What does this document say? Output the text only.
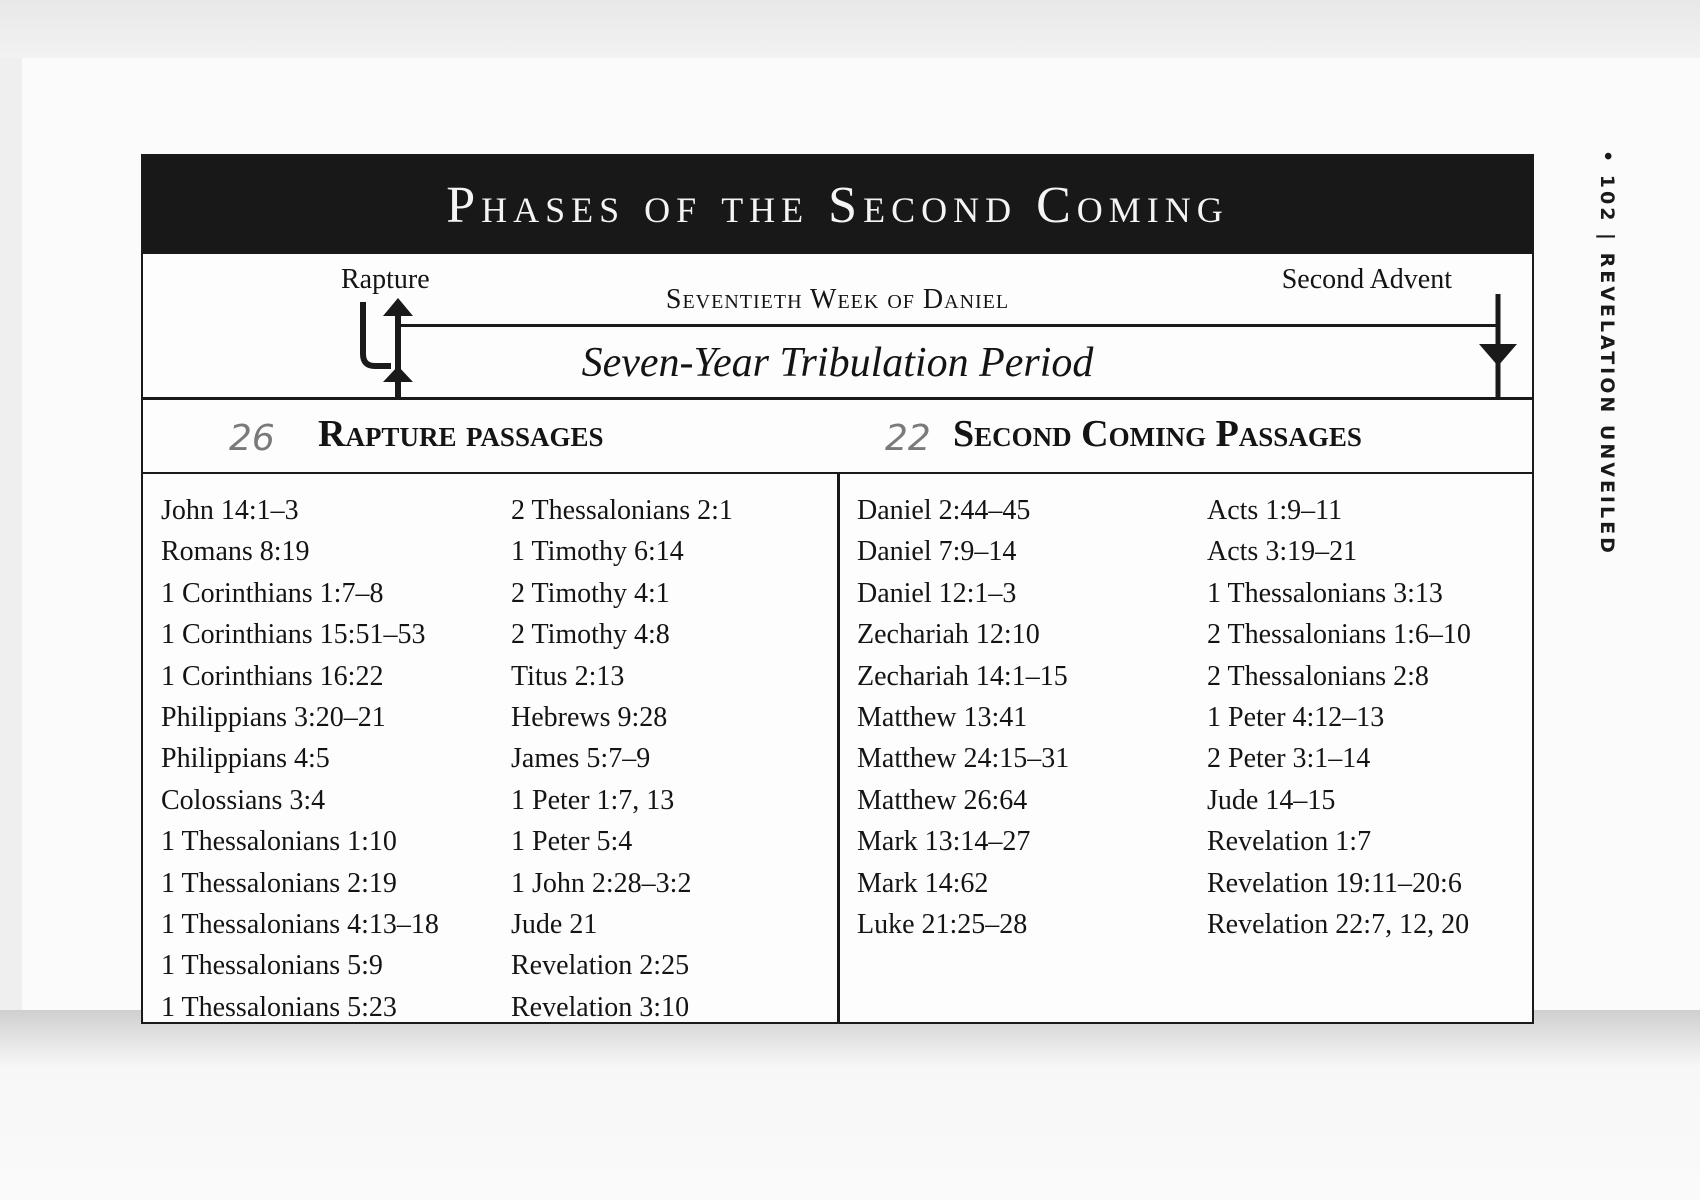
Phases of the Second Coming
Rapture	Second Advent
Seventieth Week of Daniel
Seven-Year Tribulation Period
26 Rapture passages	22 Second Coming Passages
John 14:1–3
Romans 8:19
1 Corinthians 1:7–8
1 Corinthians 15:51–53
1 Corinthians 16:22
Philippians 3:20–21
Philippians 4:5
Colossians 3:4
1 Thessalonians 1:10
1 Thessalonians 2:19
1 Thessalonians 4:13–18
1 Thessalonians 5:9
1 Thessalonians 5:23
2 Thessalonians 2:1
1 Timothy 6:14
2 Timothy 4:1
2 Timothy 4:8
Titus 2:13
Hebrews 9:28
James 5:7–9
1 Peter 1:7, 13
1 Peter 5:4
1 John 2:28–3:2
Jude 21
Revelation 2:25
Revelation 3:10
Daniel 2:44–45
Daniel 7:9–14
Daniel 12:1–3
Zechariah 12:10
Zechariah 14:1–15
Matthew 13:41
Matthew 24:15–31
Matthew 26:64
Mark 13:14–27
Mark 14:62
Luke 21:25–28
Acts 1:9–11
Acts 3:19–21
1 Thessalonians 3:13
2 Thessalonians 1:6–10
2 Thessalonians 2:8
1 Peter 4:12–13
2 Peter 3:1–14
Jude 14–15
Revelation 1:7
Revelation 19:11–20:6
Revelation 22:7, 12, 20
• 102 | REVELATION UNVEILED
